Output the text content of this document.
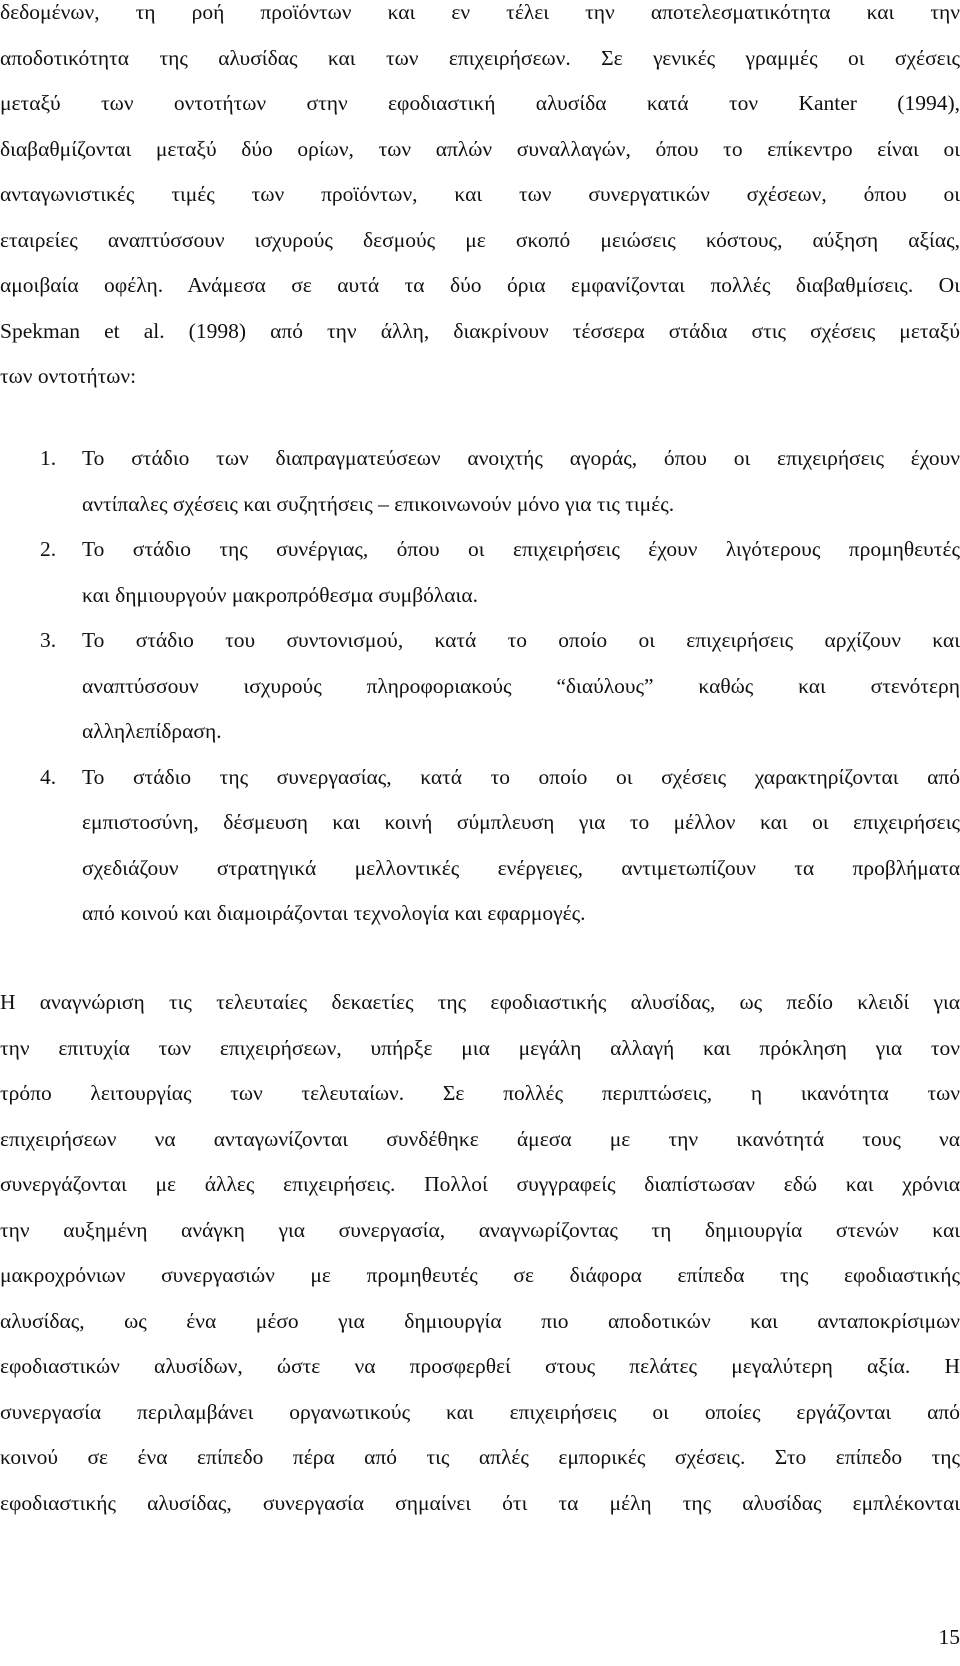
δεδομένων, τη ροή προϊόντων και εν τέλει την αποτελεσματικότητα και την
αποδοτικότητα της αλυσίδας και των επιχειρήσεων. Σε γενικές γραμμές οι σχέσεις
μεταξύ των οντοτήτων στην εφοδιαστική αλυσίδα κατά τον Kanter (1994),
διαβαθμίζονται μεταξύ δύο ορίων, των απλών συναλλαγών, όπου το επίκεντρο είναι οι
ανταγωνιστικές τιμές των προϊόντων, και των συνεργατικών σχέσεων, όπου οι
εταιρείες αναπτύσσουν ισχυρούς δεσμούς με σκοπό μειώσεις κόστους, αύξηση αξίας,
αμοιβαία οφέλη. Ανάμεσα σε αυτά τα δύο όρια εμφανίζονται πολλές διαβαθμίσεις. Οι
Spekman et al. (1998) από την άλλη, διακρίνουν τέσσερα στάδια στις σχέσεις μεταξύ
των οντοτήτων:
1. Το στάδιο των διαπραγματεύσεων ανοιχτής αγοράς, όπου οι επιχειρήσεις έχουν
αντίπαλες σχέσεις και συζητήσεις – επικοινωνούν μόνο για τις τιμές.
2. Το στάδιο της συνέργιας, όπου οι επιχειρήσεις έχουν λιγότερους προμηθευτές
και δημιουργούν μακροπρόθεσμα συμβόλαια.
3. Το στάδιο του συντονισμού, κατά το οποίο οι επιχειρήσεις αρχίζουν και
αναπτύσσουν ισχυρούς πληροφοριακούς “διαύλους” καθώς και στενότερη
αλληλεπίδραση.
4. Το στάδιο της συνεργασίας, κατά το οποίο οι σχέσεις χαρακτηρίζονται από
εμπιστοσύνη, δέσμευση και κοινή σύμπλευση για το μέλλον και οι επιχειρήσεις
σχεδιάζουν στρατηγικά μελλοντικές ενέργειες, αντιμετωπίζουν τα προβλήματα
από κοινού και διαμοιράζονται τεχνολογία και εφαρμογές.
Η αναγνώριση τις τελευταίες δεκαετίες της εφοδιαστικής αλυσίδας, ως πεδίο κλειδί για
την επιτυχία των επιχειρήσεων, υπήρξε μια μεγάλη αλλαγή και πρόκληση για τον
τρόπο λειτουργίας των τελευταίων. Σε πολλές περιπτώσεις, η ικανότητα των
επιχειρήσεων να ανταγωνίζονται συνδέθηκε άμεσα με την ικανότητά τους να
συνεργάζονται με άλλες επιχειρήσεις. Πολλοί συγγραφείς διαπίστωσαν εδώ και χρόνια
την αυξημένη ανάγκη για συνεργασία, αναγνωρίζοντας τη δημιουργία στενών και
μακροχρόνιων συνεργασιών με προμηθευτές σε διάφορα επίπεδα της εφοδιαστικής
αλυσίδας, ως ένα μέσο για δημιουργία πιο αποδοτικών και ανταποκρίσιμων
εφοδιαστικών αλυσίδων, ώστε να προσφερθεί στους πελάτες μεγαλύτερη αξία. Η
συνεργασία περιλαμβάνει οργανωτικούς και επιχειρήσεις οι οποίες εργάζονται από
κοινού σε ένα επίπεδο πέρα από τις απλές εμπορικές σχέσεις. Στο επίπεδο της
εφοδιαστικής αλυσίδας, συνεργασία σημαίνει ότι τα μέλη της αλυσίδας εμπλέκονται
15
